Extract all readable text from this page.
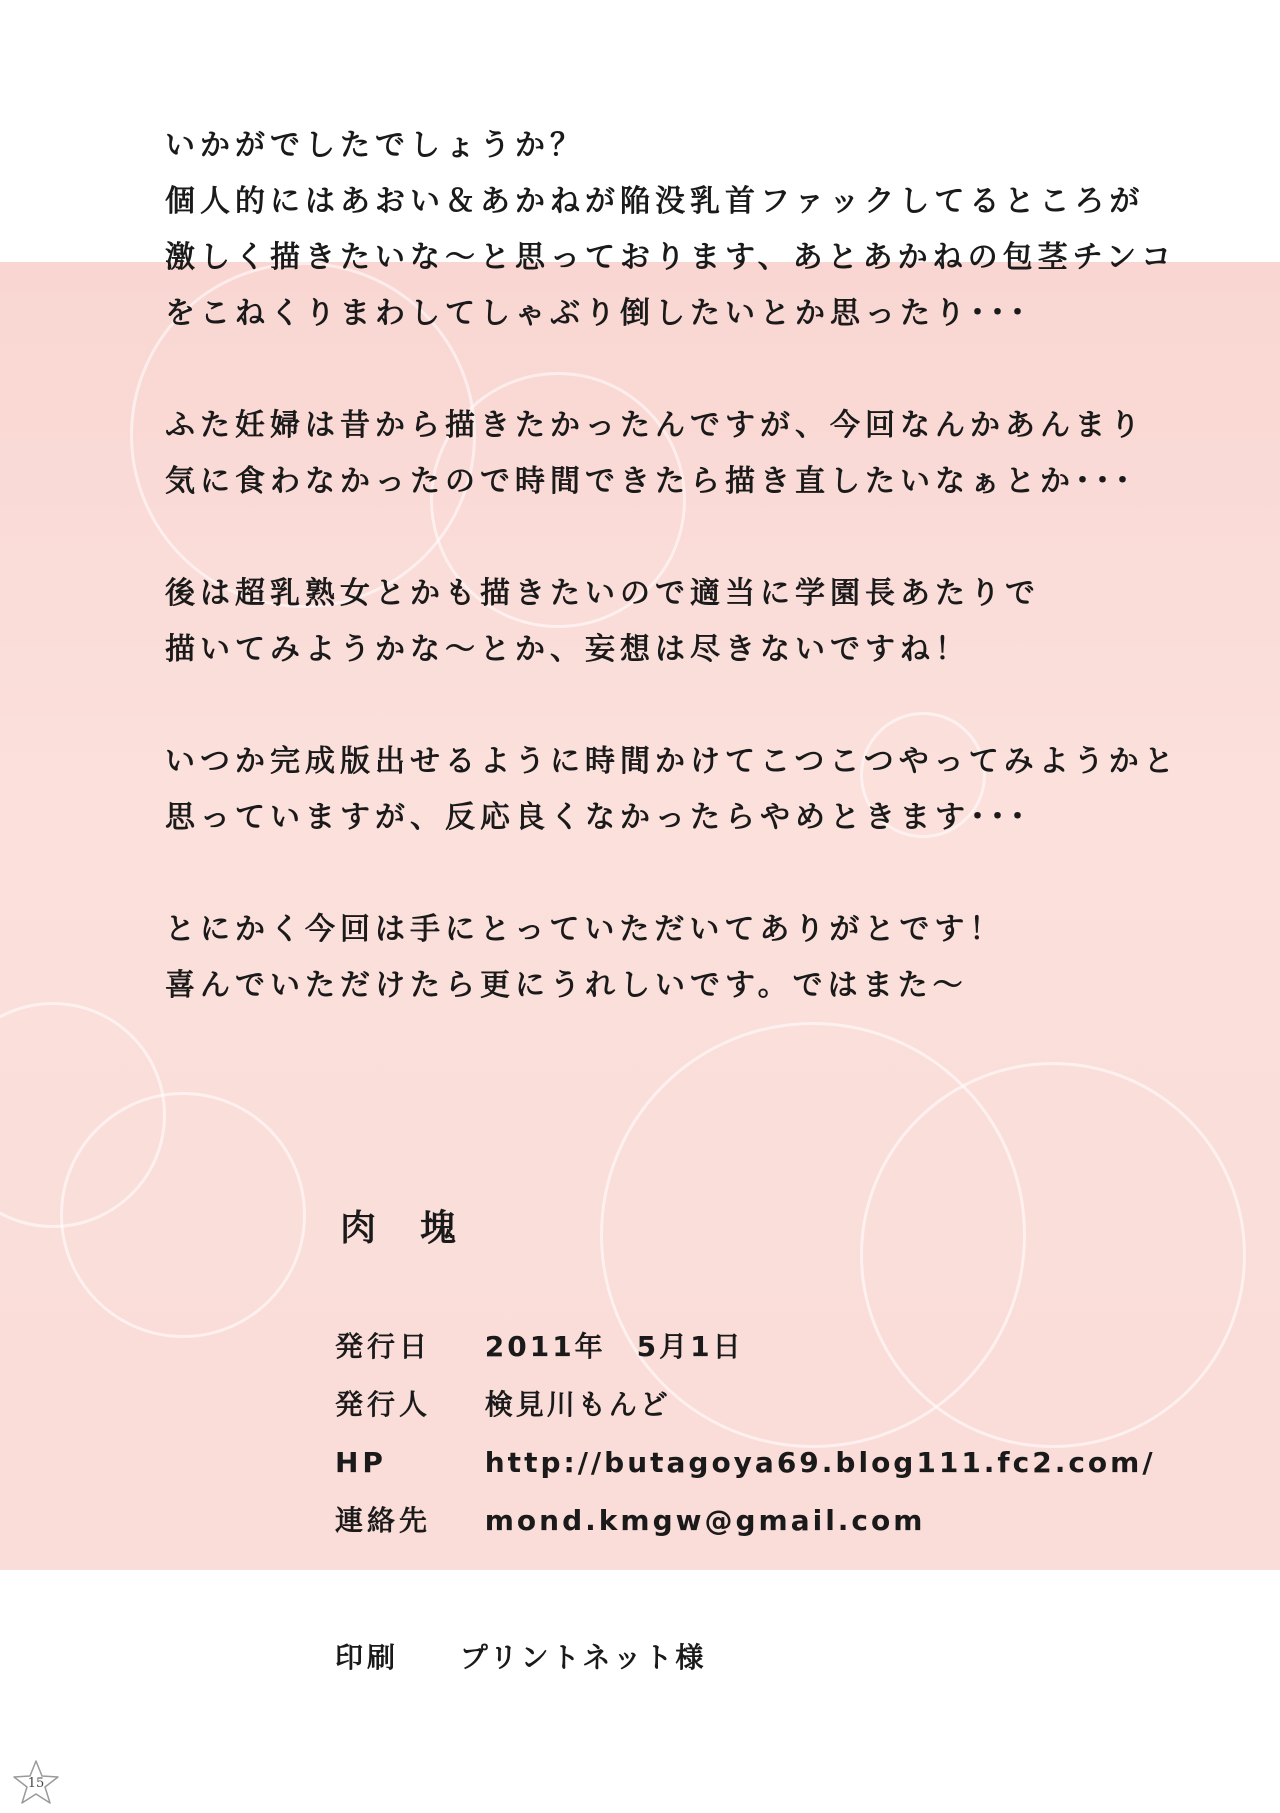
いかがでしたでしょうか？
個人的にはあおい＆あかねが陥没乳首ファックしてるところが
激しく描きたいな～と思っております、あとあかねの包茎チンコ
をこねくりまわしてしゃぶり倒したいとか思ったり･･･
ふた妊婦は昔から描きたかったんですが、今回なんかあんまり
気に食わなかったので時間できたら描き直したいなぁとか･･･
後は超乳熟女とかも描きたいので適当に学園長あたりで
描いてみようかな～とか、妄想は尽きないですね！
いつか完成版出せるように時間かけてこつこつやってみようかと
思っていますが、反応良くなかったらやめときます･･･
とにかく今回は手にとっていただいてありがとです！
喜んでいただけたら更にうれしいです。ではまた～
肉塊
発行日 2011年　5月1日
発行人 検見川もんど
HP	http://butagoya69.blog111.fc2.com/
連絡先 mond.kmgw@gmail.com
印刷 プリントネット様
15
